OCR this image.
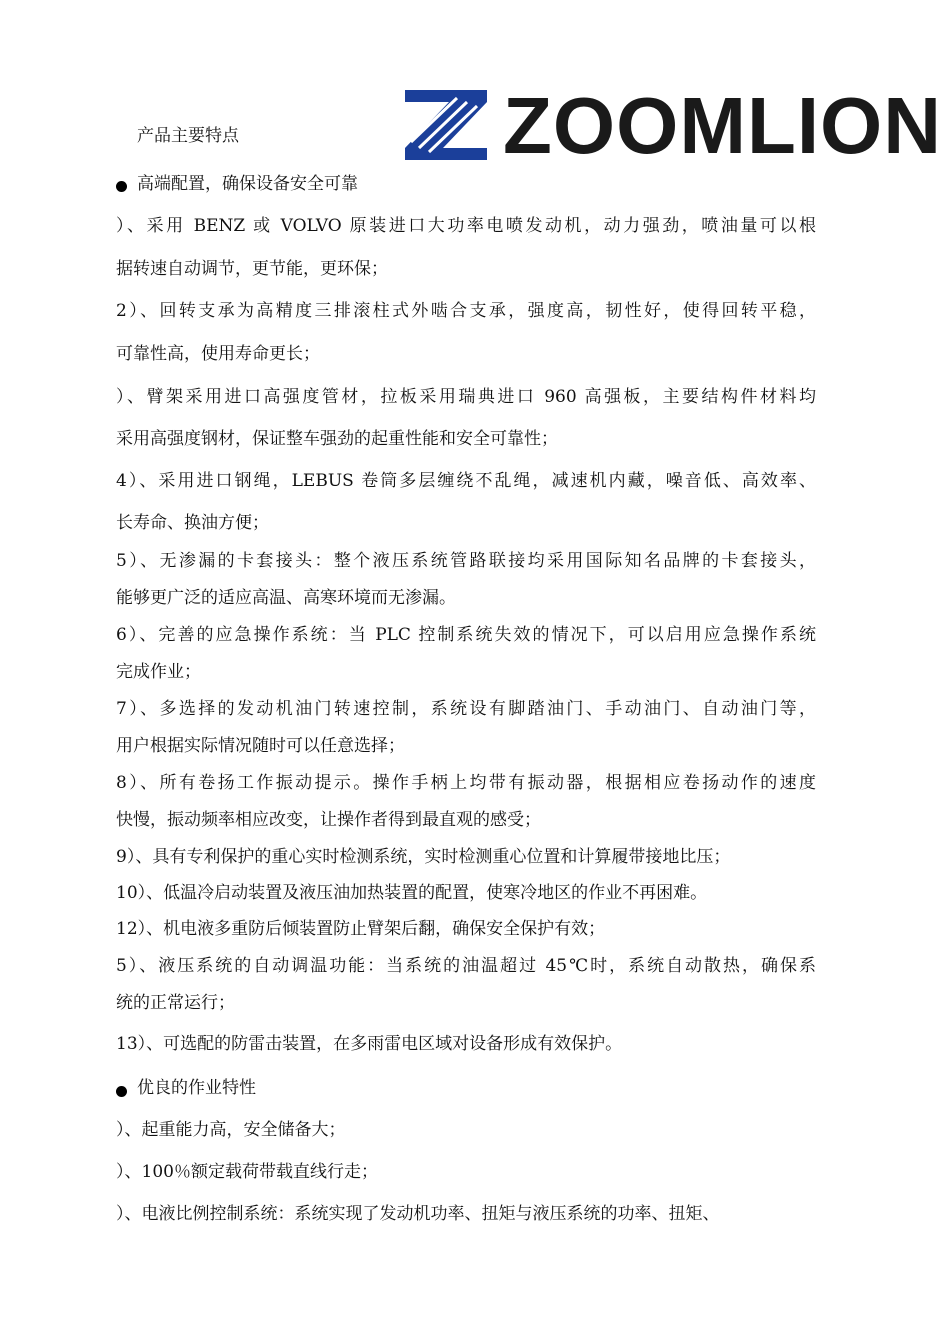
ZOOMLION
产品主要特点
高端配置，确保设备安全可靠
）、采用 BENZ 或 VOLVO 原装进口大功率电喷发动机，动力强劲，喷油量可以根
据转速自动调节，更节能，更环保；
2）、回转支承为高精度三排滚柱式外啮合支承，强度高，韧性好，使得回转平稳，
可靠性高，使用寿命更长；
）、臂架采用进口高强度管材，拉板采用瑞典进口 960 高强板，主要结构件材料均
采用高强度钢材，保证整车强劲的起重性能和安全可靠性；
4）、采用进口钢绳，LEBUS 卷筒多层缠绕不乱绳，减速机内藏，噪音低、高效率、
长寿命、换油方便；
5）、无渗漏的卡套接头：整个液压系统管路联接均采用国际知名品牌的卡套接头，
能够更广泛的适应高温、高寒环境而无渗漏。
6）、完善的应急操作系统：当 PLC 控制系统失效的情况下，可以启用应急操作系统
完成作业；
7）、多选择的发动机油门转速控制，系统设有脚踏油门、手动油门、自动油门等，
用户根据实际情况随时可以任意选择；
8）、所有卷扬工作振动提示。操作手柄上均带有振动器，根据相应卷扬动作的速度
快慢，振动频率相应改变，让操作者得到最直观的感受；
9）、具有专利保护的重心实时检测系统，实时检测重心位置和计算履带接地比压；
10）、低温冷启动装置及液压油加热装置的配置，使寒冷地区的作业不再困难。
12）、机电液多重防后倾装置防止臂架后翻，确保安全保护有效；
5）、液压系统的自动调温功能：当系统的油温超过 45℃时，系统自动散热，确保系
统的正常运行；
13）、可选配的防雷击装置，在多雨雷电区域对设备形成有效保护。
优良的作业特性
）、起重能力高，安全储备大；
）、100％额定载荷带载直线行走；
）、电液比例控制系统：系统实现了发动机功率、扭矩与液压系统的功率、扭矩、
